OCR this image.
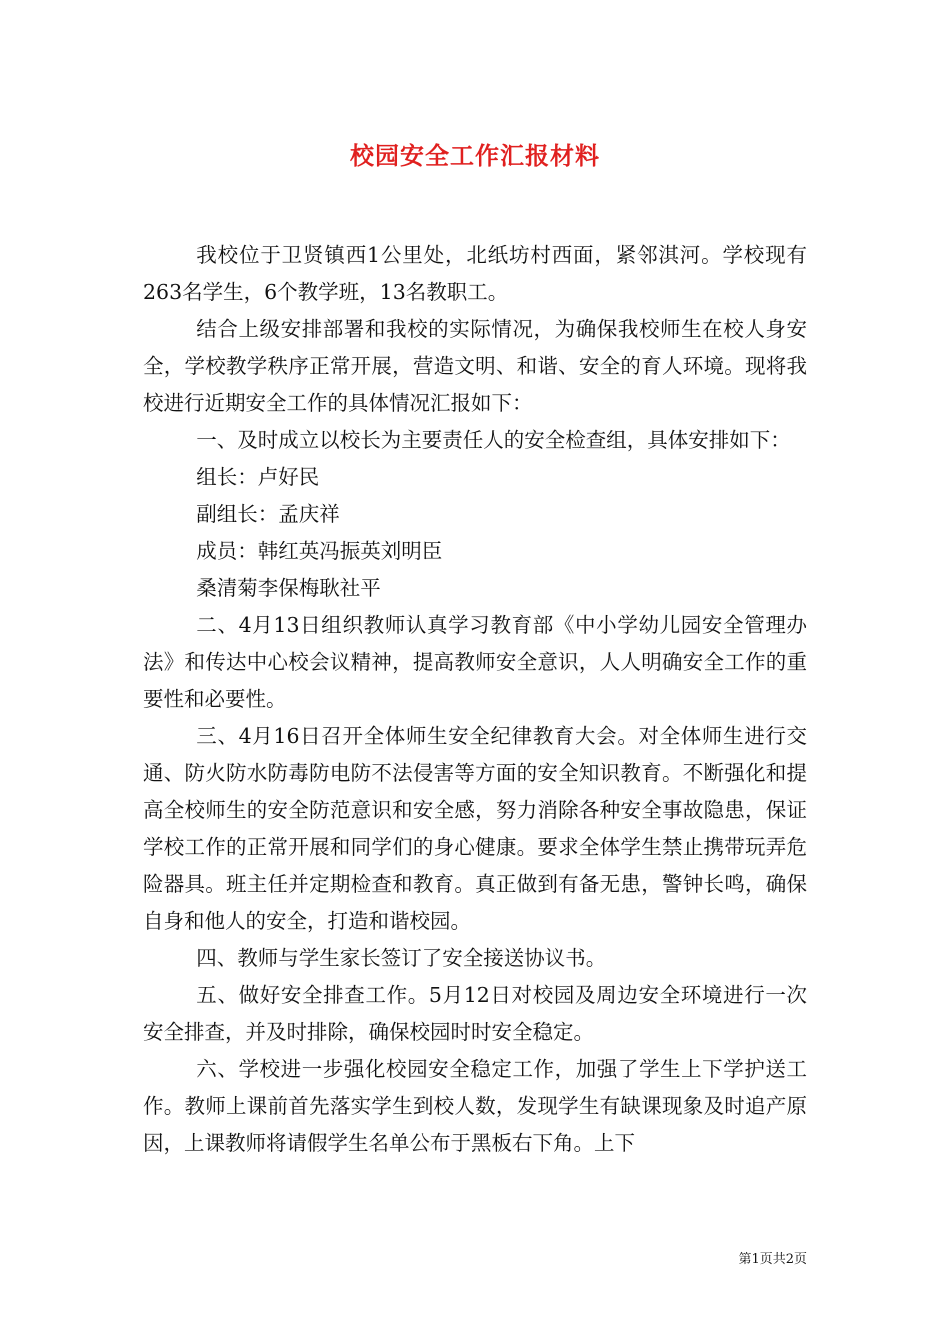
校园安全工作汇报材料

我校位于卫贤镇西1公里处，北纸坊村西面，紧邻淇河。学校现有263名学生，6个教学班，13名教职工。

结合上级安排部署和我校的实际情况，为确保我校师生在校人身安全，学校教学秩序正常开展，营造文明、和谐、安全的育人环境。现将我校进行近期安全工作的具体情况汇报如下：

一、及时成立以校长为主要责任人的安全检查组，具体安排如下：

组长：卢好民

副组长：孟庆祥

成员：韩红英冯振英刘明臣

桑清菊李保梅耿社平

二、4月13日组织教师认真学习教育部《中小学幼儿园安全管理办法》和传达中心校会议精神，提高教师安全意识，人人明确安全工作的重要性和必要性。

三、4月16日召开全体师生安全纪律教育大会。对全体师生进行交通、防火防水防毒防电防不法侵害等方面的安全知识教育。不断强化和提高全校师生的安全防范意识和安全感，努力消除各种安全事故隐患，保证学校工作的正常开展和同学们的身心健康。要求全体学生禁止携带玩弄危险器具。班主任并定期检查和教育。真正做到有备无患，警钟长鸣，确保自身和他人的安全，打造和谐校园。

四、教师与学生家长签订了安全接送协议书。

五、做好安全排查工作。5月12日对校园及周边安全环境进行一次安全排查，并及时排除，确保校园时时安全稳定。

六、学校进一步强化校园安全稳定工作，加强了学生上下学护送工作。教师上课前首先落实学生到校人数，发现学生有缺课现象及时追产原因，上课教师将请假学生名单公布于黑板右下角。上下

第1页共2页
